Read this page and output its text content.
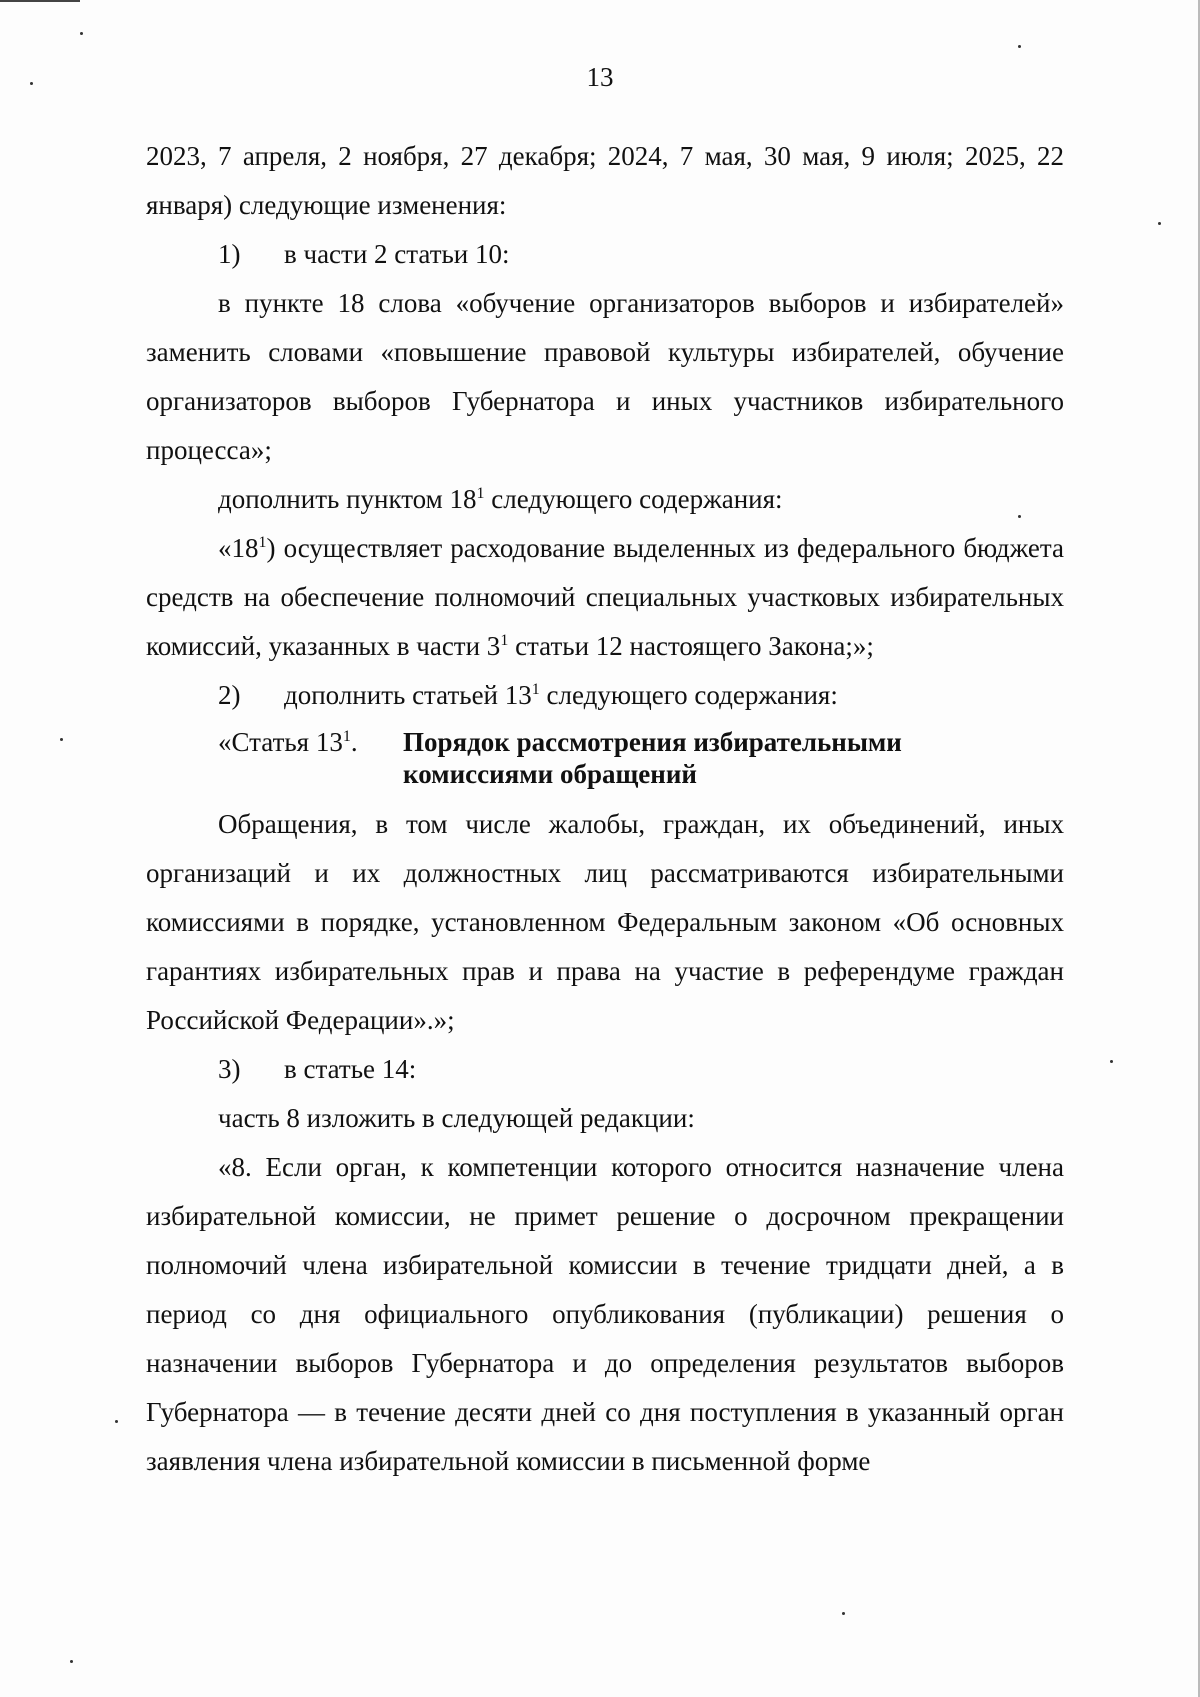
13

2023, 7 апреля, 2 ноября, 27 декабря; 2024, 7 мая, 30 мая, 9 июля; 2025, 22 января) следующие изменения:

1) в части 2 статьи 10:

в пункте 18 слова «обучение организаторов выборов и избирателей» заменить словами «повышение правовой культуры избирателей, обучение организаторов выборов Губернатора и иных участников избирательного процесса»;

дополнить пунктом $18^1$ следующего содержания:

«$18^1$) осуществляет расходование выделенных из федерального бюджета средств на обеспечение полномочий специальных участковых избирательных комиссий, указанных в части $3^1$ статьи 12 настоящего Закона;»;

2) дополнить статьей $13^1$ следующего содержания:

«Статья $13^1$.	Порядок рассмотрения избирательными комиссиями обращений

Обращения, в том числе жалобы, граждан, их объединений, иных организаций и их должностных лиц рассматриваются избирательными комиссиями в порядке, установленном Федеральным законом «Об основных гарантиях избирательных прав и права на участие в референдуме граждан Российской Федерации».»;

3) в статье 14:

часть 8 изложить в следующей редакции:

«8. Если орган, к компетенции которого относится назначение члена избирательной комиссии, не примет решение о досрочном прекращении полномочий члена избирательной комиссии в течение тридцати дней, а в период со дня официального опубликования (публикации) решения о назначении выборов Губернатора и до определения результатов выборов Губернатора — в течение десяти дней со дня поступления в указанный орган заявления члена избирательной комиссии в письменной форме
